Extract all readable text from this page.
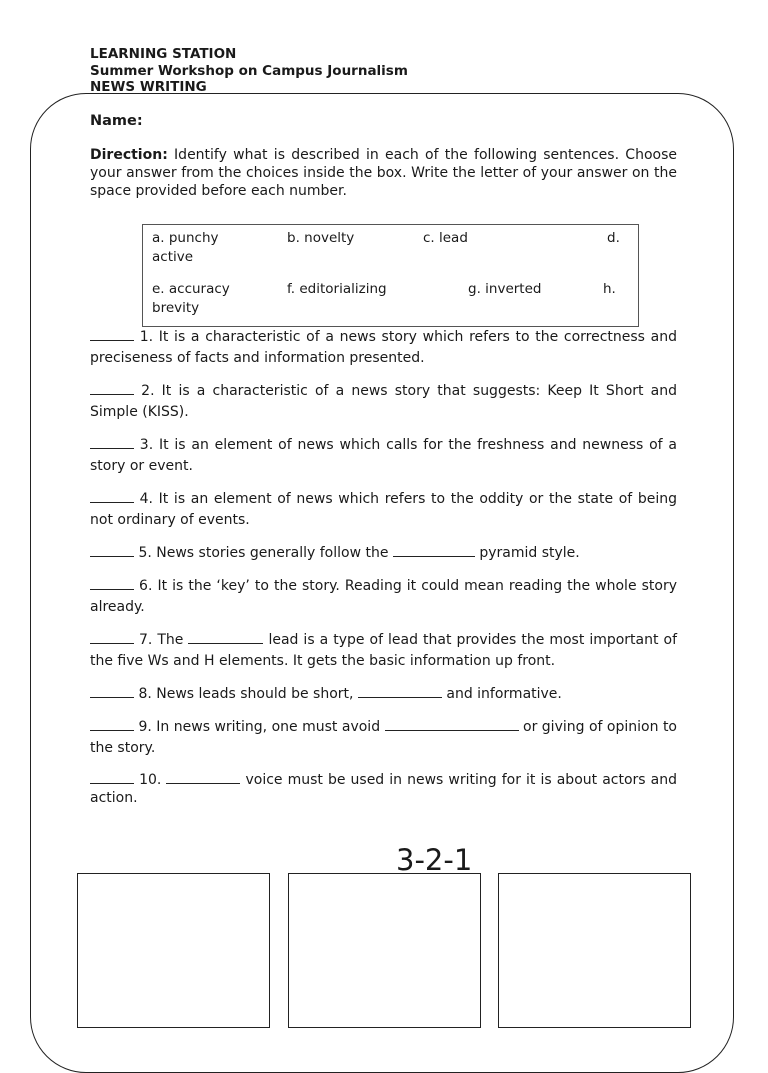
LEARNING STATION
Summer Workshop on Campus Journalism
NEWS WRITING

Name:

Direction: Identify what is described in each of the following sentences. Choose your answer from the choices inside the box. Write the letter of your answer on the space provided before each number.

a. punchy	b. novelty	c. lead	d.
active
e. accuracy	f. editorializing	g. inverted	h.
brevity

1. It is a characteristic of a news story which refers to the correctness and preciseness of facts and information presented.

2. It is a characteristic of a news story that suggests: Keep It Short and Simple (KISS).

3. It is an element of news which calls for the freshness and newness of a story or event.

4. It is an element of news which refers to the oddity or the state of being not ordinary of events.

5. News stories generally follow the	pyramid style.

6. It is the ‘key’ to the story. Reading it could mean reading the whole story already.

7. The	lead is a type of lead that provides the most important of the five Ws and H elements. It gets the basic information up front.

8. News leads should be short,	and informative.

9. In news writing, one must avoid	or giving of opinion to the story.

10.	voice must be used in news writing for it is about actors and action.

3-2-1
